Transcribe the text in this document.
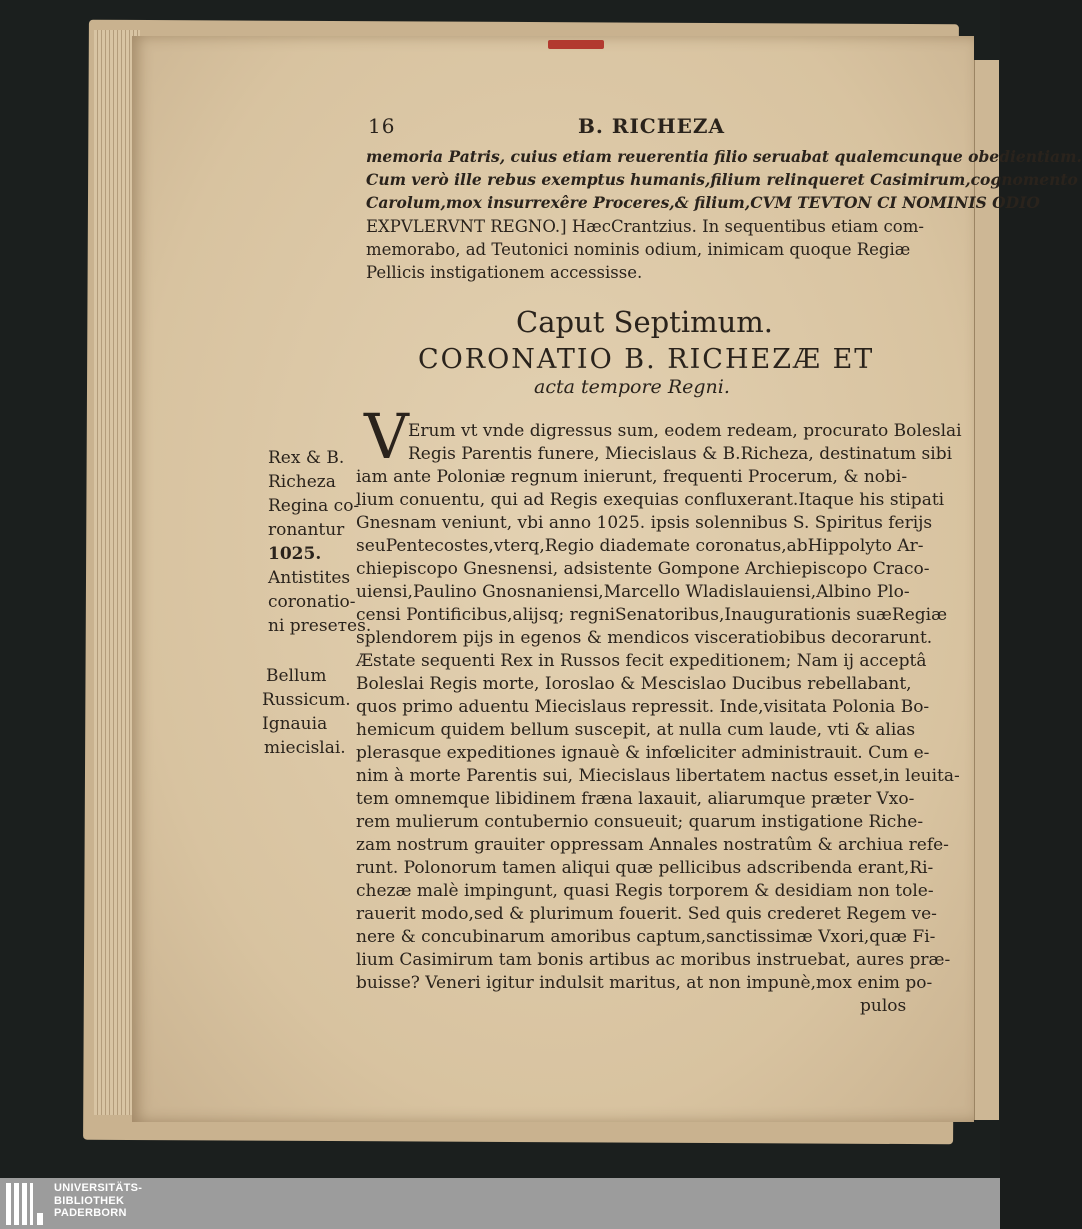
16	B. RICHEZA
memoria Patris, cuius etiam reuerentia filio seruabat qualemcunque obedientiam.
Cum verò ille rebus exemptus humanis,filium relinqueret Casimirum,cognomento
Carolum,mox insurrexêre Proceres,& filium,CVM TEVTON CI NOMINIS ODIO
EXPVLERVNT REGNO.] HæcCrantzius. In sequentibus etiam com-
memorabo, ad Teutonici nominis odium, inimicam quoque Regiæ
Pellicis instigationem accessisse.
Caput Septimum.
CORONATIO B. RICHEZÆ ET
acta tempore Regni.
V Erum vt vnde digressus sum, eodem redeam, procurato Boleslai
Regis Parentis funere, Miecislaus & B.Richeza, destinatum sibi
iam ante Poloniæ regnum inierunt, frequenti Procerum, & nobi-
lium conuentu, qui ad Regis exequias confluxerant.Itaque his stipati
Gnesnam veniunt, vbi anno 1025. ipsis solennibus S. Spiritus ferijs
seuPentecostes,vterq,Regio diademate coronatus,abHippolyto Ar-
chiepiscopo Gnesnensi, adsistente Gompone Archiepiscopo Craco-
uiensi,Paulino Gnosnaniensi,Marcello Wladislauiensi,Albino Plo-
censi Pontificibus,alijsq; regniSenatoribus,Inaugurationis suæRegiæ
splendorem pijs in egenos & mendicos visceratiobibus decorarunt.
Æstate sequenti Rex in Russos fecit expeditionem; Nam ij acceptâ
Boleslai Regis morte, Ioroslao & Mescislao Ducibus rebellabant,
quos primo aduentu Miecislaus repressit. Inde,visitata Polonia Bo-
hemicum quidem bellum suscepit, at nulla cum laude, vti & alias
plerasque expeditiones ignauè & infœliciter administrauit. Cum e-
nim à morte Parentis sui, Miecislaus libertatem nactus esset,in leuita-
tem omnemque libidinem fræna laxauit, aliarumque præter Vxo-
rem mulierum contubernio consueuit; quarum instigatione Riche-
zam nostrum grauiter oppressam Annales nostratûm & archiua refe-
runt. Polonorum tamen aliqui quæ pellicibus adscribenda erant,Ri-
chezæ malè impingunt, quasi Regis torporem & desidiam non tole-
rauerit modo,sed & plurimum fouerit. Sed quis crederet Regem ve-
nere & concubinarum amoribus captum,sanctissimæ Vxori,quæ Fi-
lium Casimirum tam bonis artibus ac moribus instruebat, aures præ-
buisse? Veneri igitur indulsit maritus, at non impunè,mox enim po-
pulos
Rex & B.
Richeza
Regina co-
ronantur
1025.
Antistites
coronatio-
ni preseтes.
Bellum
Russicum.
Ignauia
miecislai.
UNIVERSITÄTS-
BIBLIOTHEK
PADERBORN
